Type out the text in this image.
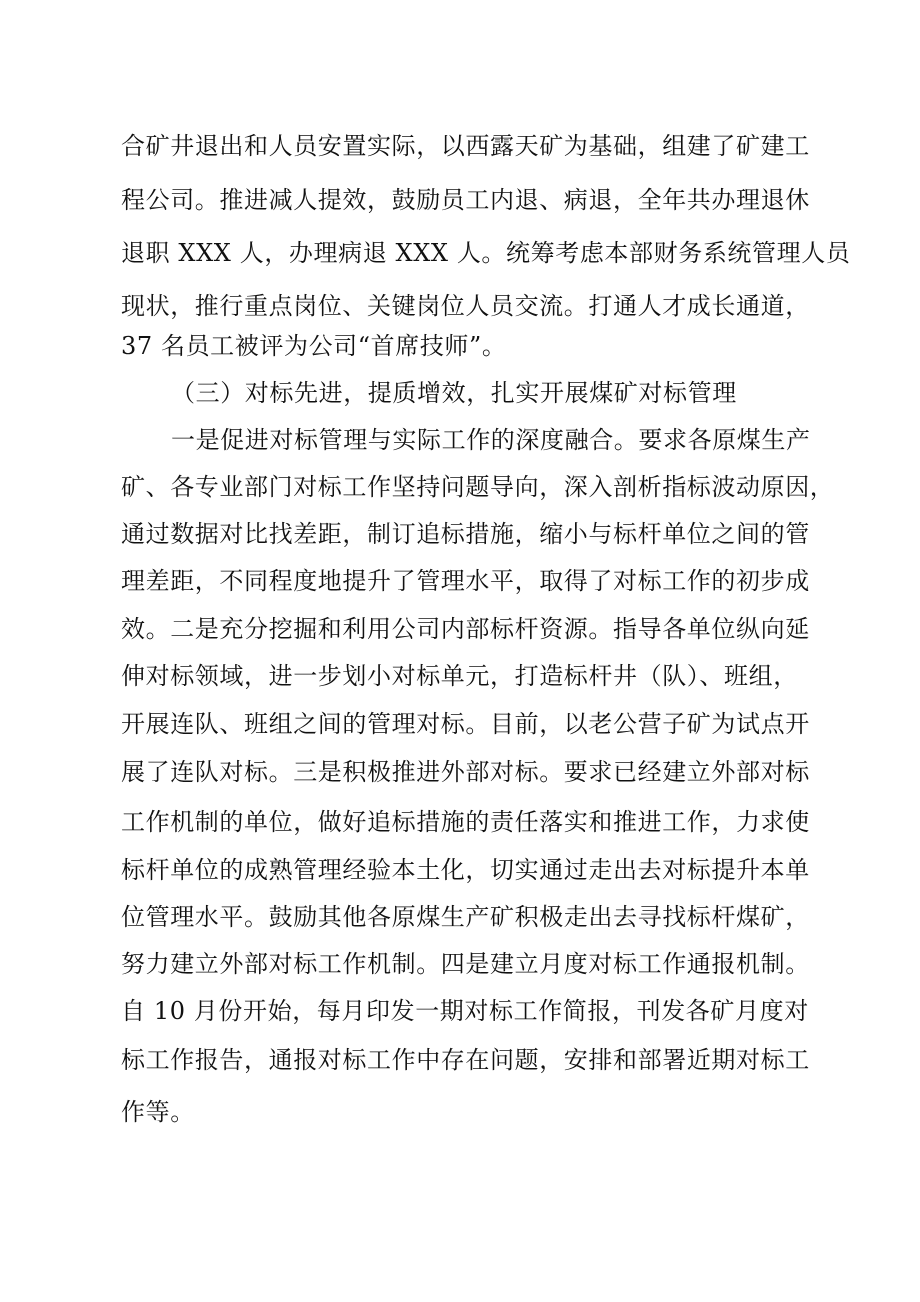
合矿井退出和人员安置实际，以西露天矿为基础，组建了矿建工
程公司。推进减人提效，鼓励员工内退、病退，全年共办理退休
退职 XXX 人，办理病退 XXX 人。统筹考虑本部财务系统管理人员
现状，推行重点岗位、关键岗位人员交流。打通人才成长通道，
37 名员工被评为公司“首席技师”。
（三）对标先进，提质增效，扎实开展煤矿对标管理
一是促进对标管理与实际工作的深度融合。要求各原煤生产
矿、各专业部门对标工作坚持问题导向，深入剖析指标波动原因，
通过数据对比找差距，制订追标措施，缩小与标杆单位之间的管
理差距，不同程度地提升了管理水平，取得了对标工作的初步成
效。二是充分挖掘和利用公司内部标杆资源。指导各单位纵向延
伸对标领域，进一步划小对标单元，打造标杆井（队）、班组，
开展连队、班组之间的管理对标。目前，以老公营子矿为试点开
展了连队对标。三是积极推进外部对标。要求已经建立外部对标
工作机制的单位，做好追标措施的责任落实和推进工作，力求使
标杆单位的成熟管理经验本土化，切实通过走出去对标提升本单
位管理水平。鼓励其他各原煤生产矿积极走出去寻找标杆煤矿，
努力建立外部对标工作机制。四是建立月度对标工作通报机制。
自 10 月份开始，每月印发一期对标工作简报，刊发各矿月度对
标工作报告，通报对标工作中存在问题，安排和部署近期对标工
作等。
